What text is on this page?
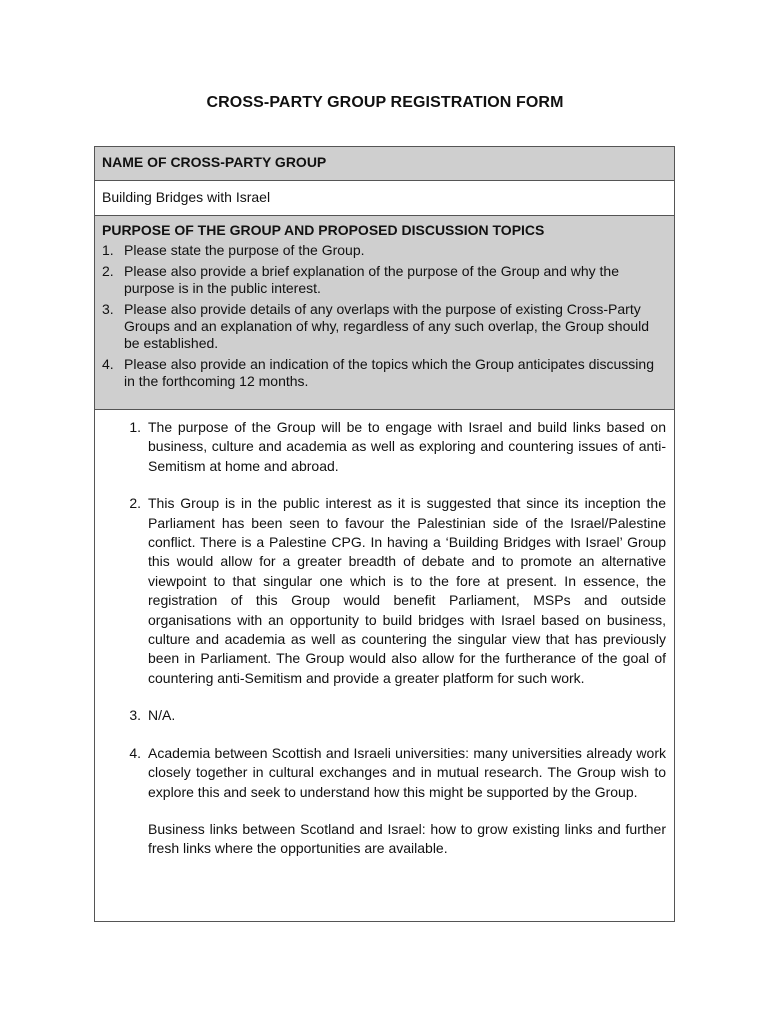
CROSS-PARTY GROUP REGISTRATION FORM
NAME OF CROSS-PARTY GROUP
Building Bridges with Israel
PURPOSE OF THE GROUP AND PROPOSED DISCUSSION TOPICS
1. Please state the purpose of the Group.
2. Please also provide a brief explanation of the purpose of the Group and why the purpose is in the public interest.
3. Please also provide details of any overlaps with the purpose of existing Cross-Party Groups and an explanation of why, regardless of any such overlap, the Group should be established.
4. Please also provide an indication of the topics which the Group anticipates discussing in the forthcoming 12 months.
1. The purpose of the Group will be to engage with Israel and build links based on business, culture and academia as well as exploring and countering issues of anti-Semitism at home and abroad.

2. This Group is in the public interest as it is suggested that since its inception the Parliament has been seen to favour the Palestinian side of the Israel/Palestine conflict. There is a Palestine CPG. In having a ‘Building Bridges with Israel’ Group this would allow for a greater breadth of debate and to promote an alternative viewpoint to that singular one which is to the fore at present. In essence, the registration of this Group would benefit Parliament, MSPs and outside organisations with an opportunity to build bridges with Israel based on business, culture and academia as well as countering the singular view that has previously been in Parliament. The Group would also allow for the furtherance of the goal of countering anti-Semitism and provide a greater platform for such work.

3. N/A.

4. Academia between Scottish and Israeli universities: many universities already work closely together in cultural exchanges and in mutual research. The Group wish to explore this and seek to understand how this might be supported by the Group.

Business links between Scotland and Israel: how to grow existing links and further fresh links where the opportunities are available.
